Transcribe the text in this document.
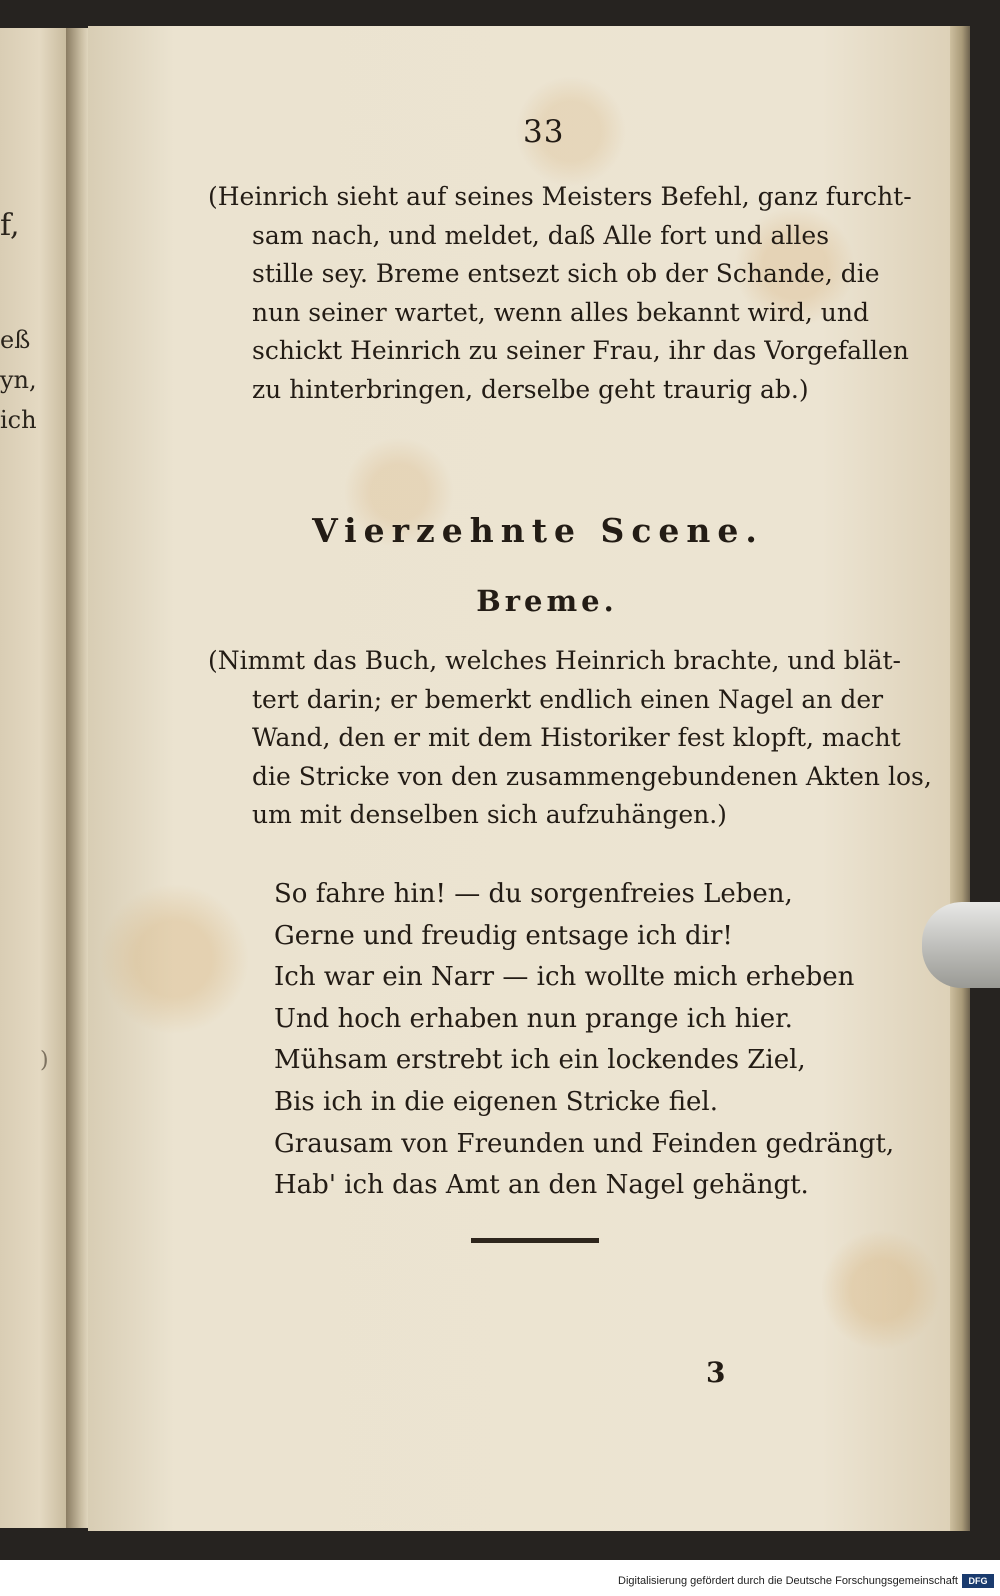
f,
eß
yn,
ich
)
33
(Heinrich sieht auf seines Meisters Befehl, ganz furcht-
sam nach, und meldet, daß Alle fort und alles
stille sey. Breme entsezt sich ob der Schande, die
nun seiner wartet, wenn alles bekannt wird, und
schickt Heinrich zu seiner Frau, ihr das Vorgefallen
zu hinterbringen, derselbe geht traurig ab.)
Vierzehnte Scene.
Breme.
(Nimmt das Buch, welches Heinrich brachte, und blät-
tert darin; er bemerkt endlich einen Nagel an der
Wand, den er mit dem Historiker fest klopft, macht
die Stricke von den zusammengebundenen Akten los,
um mit denselben sich aufzuhängen.)
So fahre hin! — du sorgenfreies Leben,
Gerne und freudig entsage ich dir!
Ich war ein Narr — ich wollte mich erheben
Und hoch erhaben nun prange ich hier.
Mühsam erstrebt ich ein lockendes Ziel,
Bis ich in die eigenen Stricke fiel.
Grausam von Freunden und Feinden gedrängt,
Hab' ich das Amt an den Nagel gehängt.
3
Digitalisierung gefördert durch die Deutsche Forschungsgemeinschaft	DFG
